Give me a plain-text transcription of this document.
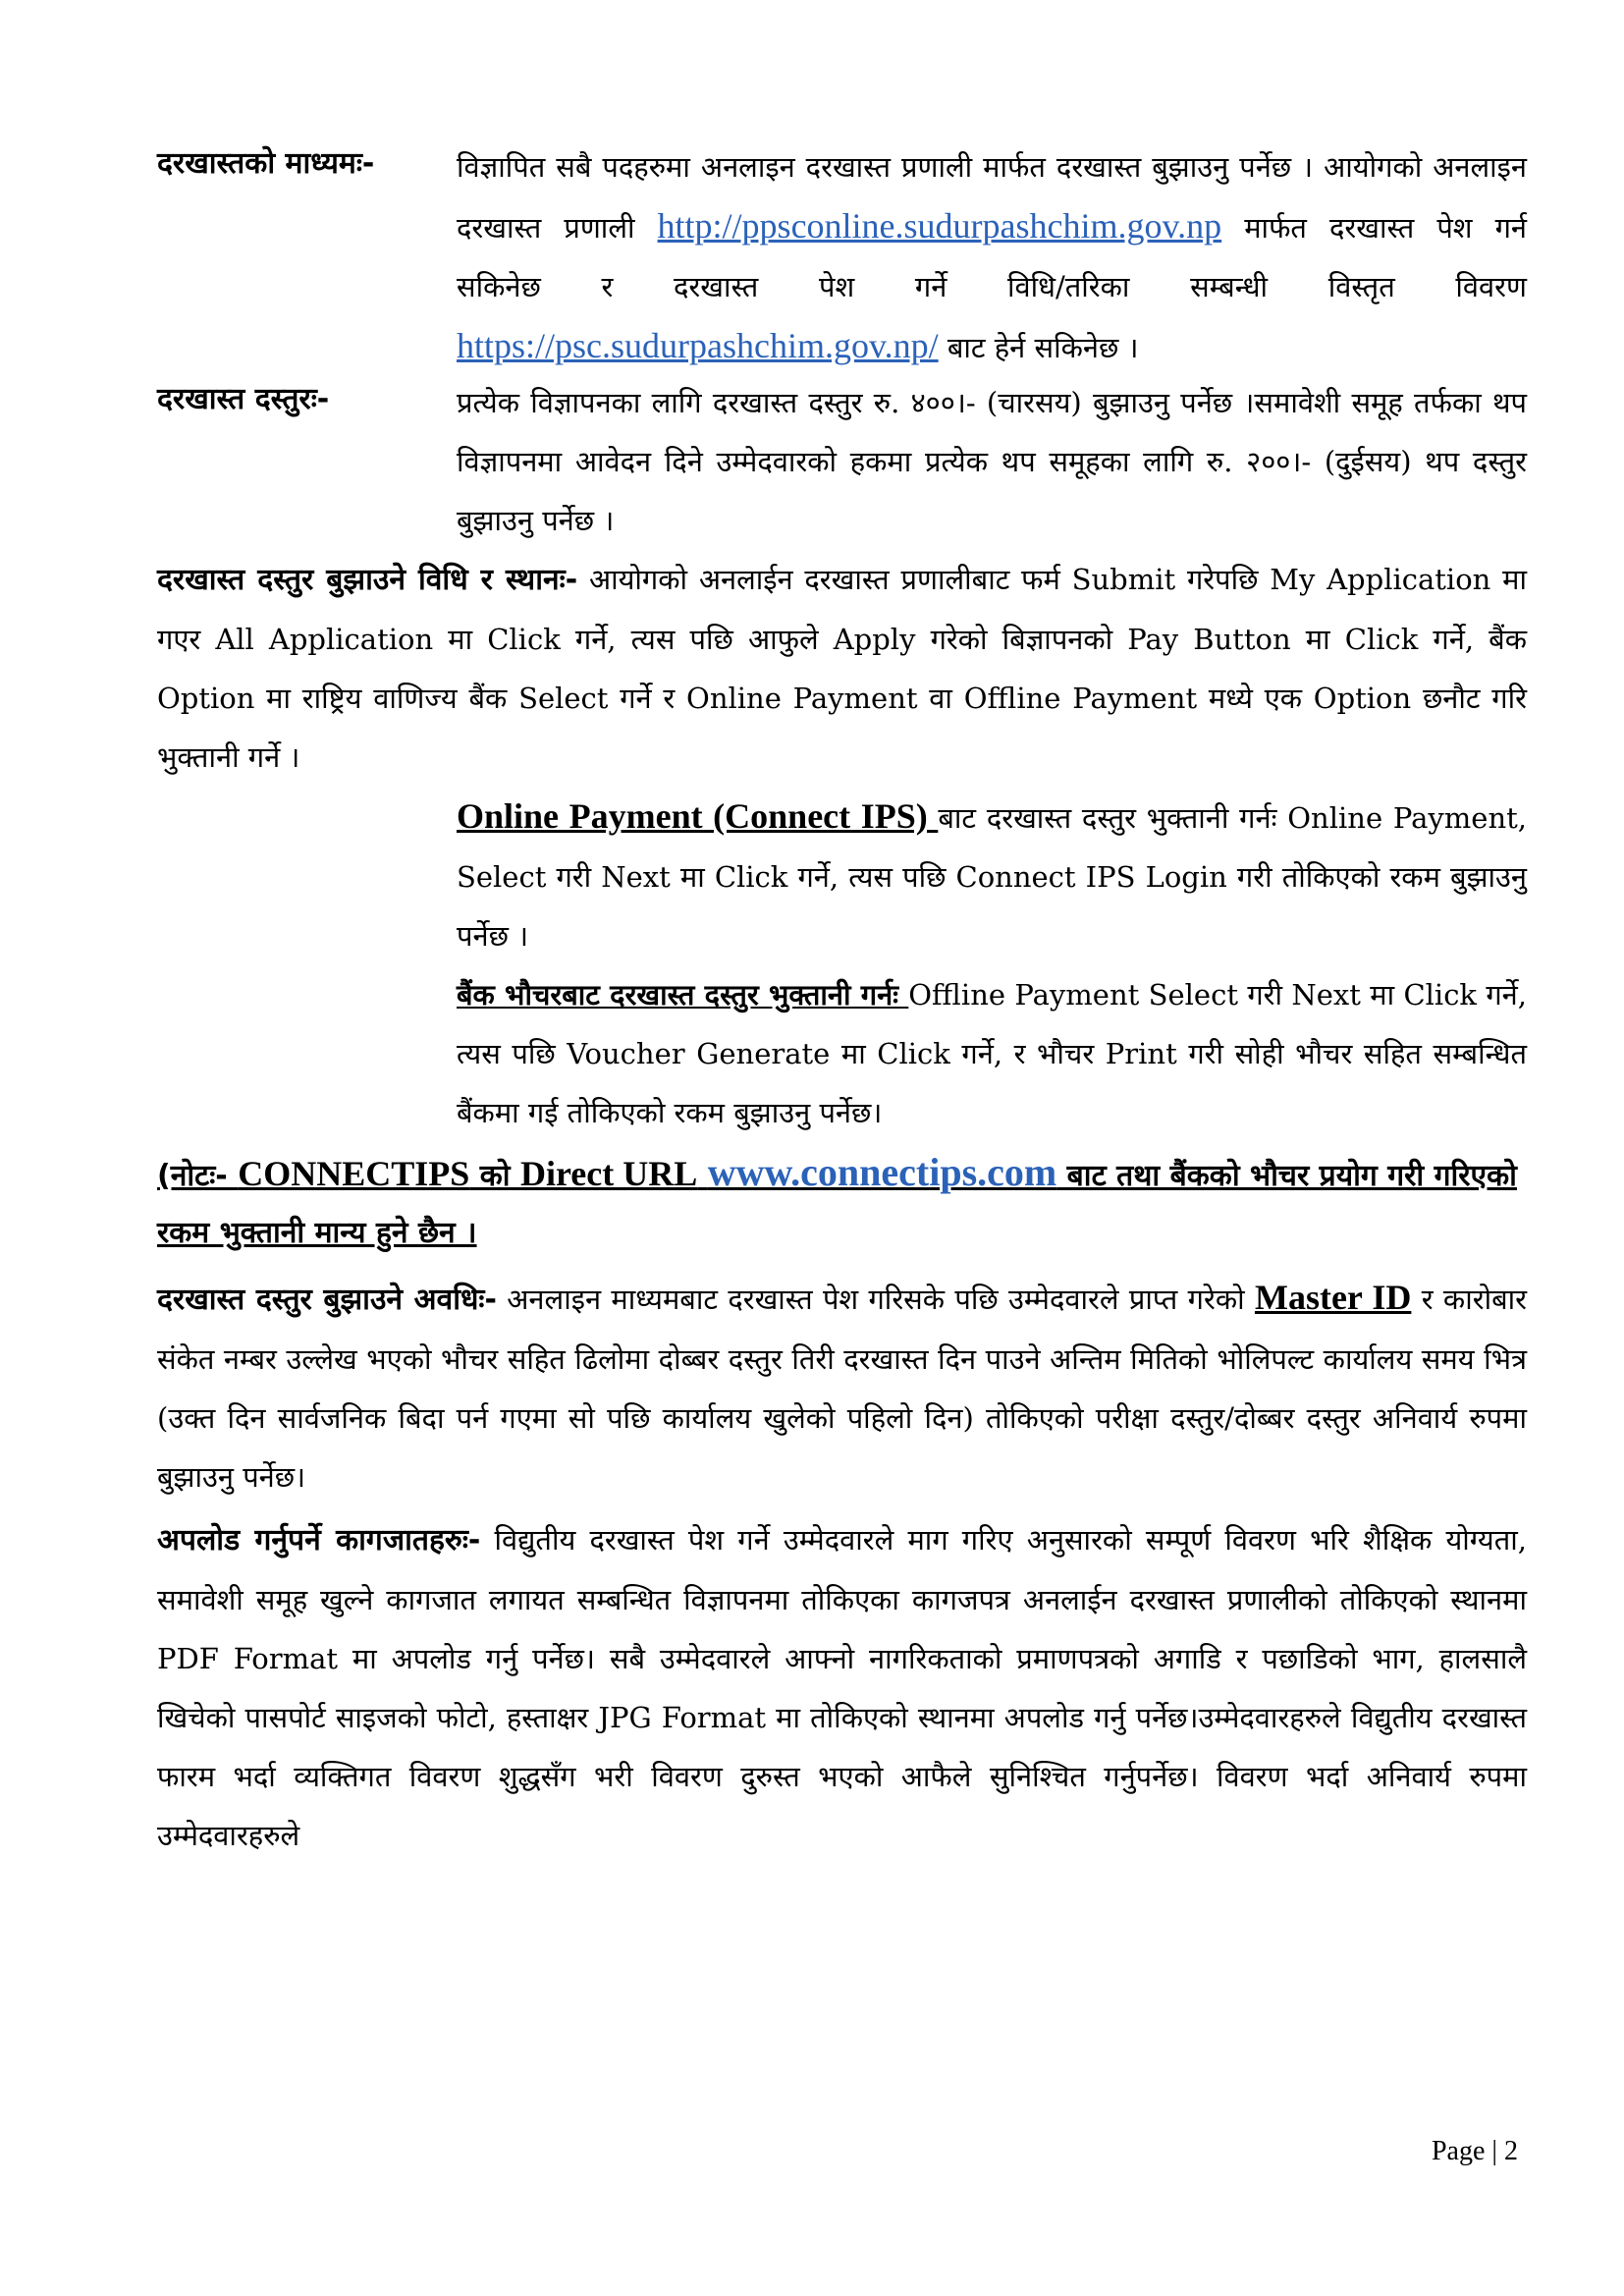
दरखास्तको माध्यमः-	विज्ञापित सबै पदहरुमा अनलाइन दरखास्त प्रणाली मार्फत दरखास्त बुझाउनु पर्नेछ । आयोगको अनलाइन दरखास्त प्रणाली http://ppsconline.sudurpashchim.gov.np मार्फत दरखास्त पेश गर्न सकिनेछ र दरखास्त पेश गर्ने विधि/तरिका सम्बन्धी विस्तृत विवरण https://psc.sudurpashchim.gov.np/ बाट हेर्न सकिनेछ ।

दरखास्त दस्तुरः-	प्रत्येक विज्ञापनका लागि दरखास्त दस्तुर रु. ४००।- (चारसय) बुझाउनु पर्नेछ ।समावेशी समूह तर्फका थप विज्ञापनमा आवेदन दिने उम्मेदवारको हकमा प्रत्येक थप समूहका लागि रु. २००।- (दुईसय) थप दस्तुर बुझाउनु पर्नेछ ।

दरखास्त दस्तुर बुझाउने विधि र स्थानः- आयोगको अनलाईन दरखास्त प्रणालीबाट फर्म Submit गरेपछि My Application मा गएर All Application मा Click गर्ने, त्यस पछि आफुले Apply गरेको बिज्ञापनको Pay Button मा Click गर्ने, बैंक Option मा राष्ट्रिय वाणिज्य बैंक Select गर्ने र Online Payment वा Offline Payment मध्ये एक Option छनौट गरि भुक्तानी गर्ने ।

Online Payment (Connect IPS) बाट दरखास्त दस्तुर भुक्तानी गर्नः Online Payment, Select गरी Next मा Click गर्ने, त्यस पछि Connect IPS Login गरी तोकिएको रकम बुझाउनु पर्नेछ ।

बैंक भौचरबाट दरखास्त दस्तुर भुक्तानी गर्नः Offline Payment Select गरी Next मा Click गर्ने, त्यस पछि Voucher Generate मा Click गर्ने, र भौचर Print गरी सोही भौचर सहित सम्बन्धित बैंकमा गई तोकिएको रकम बुझाउनु पर्नेछ।

(नोटः- CONNECTIPS को Direct URL www.connectips.com बाट तथा बैंकको भौचर प्रयोग गरी गरिएको रकम भुक्तानी मान्य हुने छैन ।

दरखास्त दस्तुर बुझाउने अवधिः- अनलाइन माध्यमबाट दरखास्त पेश गरिसके पछि उम्मेदवारले प्राप्त गरेको Master ID र कारोबार संकेत नम्बर उल्लेख भएको भौचर सहित ढिलोमा दोब्बर दस्तुर तिरी दरखास्त दिन पाउने अन्तिम मितिको भोलिपल्ट कार्यालय समय भित्र (उक्त दिन सार्वजनिक बिदा पर्न गएमा सो पछि कार्यालय खुलेको पहिलो दिन) तोकिएको परीक्षा दस्तुर/दोब्बर दस्तुर अनिवार्य रुपमा बुझाउनु पर्नेछ।

अपलोड गर्नुपर्ने कागजातहरुः- विद्युतीय दरखास्त पेश गर्ने उम्मेदवारले माग गरिए अनुसारको सम्पूर्ण विवरण भरि शैक्षिक योग्यता, समावेशी समूह खुल्ने कागजात लगायत सम्बन्धित विज्ञापनमा तोकिएका कागजपत्र अनलाईन दरखास्त प्रणालीको तोकिएको स्थानमा PDF Format मा अपलोड गर्नु पर्नेछ। सबै उम्मेदवारले आफ्नो नागरिकताको प्रमाणपत्रको अगाडि र पछाडिको भाग, हालसालै खिचेको पासपोर्ट साइजको फोटो, हस्ताक्षर JPG Format मा तोकिएको स्थानमा अपलोड गर्नु पर्नेछ।उम्मेदवारहरुले विद्युतीय दरखास्त फारम भर्दा व्यक्तिगत विवरण शुद्धसँग भरी विवरण दुरुस्त भएको आफैले सुनिश्चित गर्नुपर्नेछ। विवरण भर्दा अनिवार्य रुपमा उम्मेदवारहरुले

Page | 2
